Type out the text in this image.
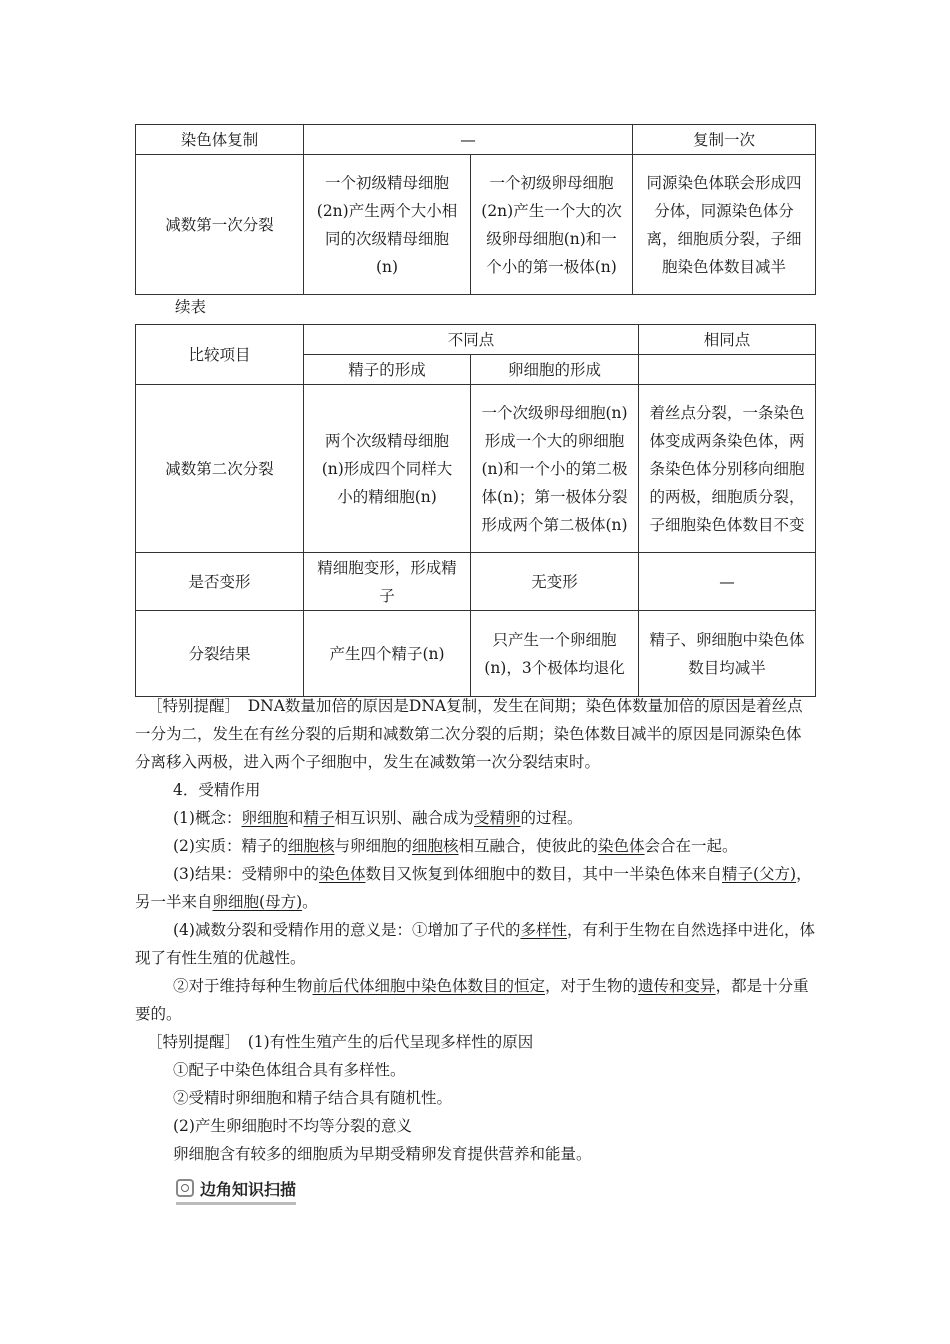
染色体复制	—		复制一次
减数第一次分裂	一个初级精母细胞(2n)产生两个大小相同的次级精母细胞(n)	一个初级卵母细胞(2n)产生一个大的次级卵母细胞(n)和一个小的第一极体(n)	同源染色体联会形成四分体，同源染色体分离，细胞质分裂，子细胞染色体数目减半
续表
比较项目	不同点		相同点
	精子的形成	卵细胞的形成	
减数第二次分裂	两个次级精母细胞(n)形成四个同样大小的精细胞(n)	一个次级卵母细胞(n)形成一个大的卵细胞(n)和一个小的第二极体(n)；第一极体分裂形成两个第二极体(n)	着丝点分裂，一条染色体变成两条染色体，两条染色体分别移向细胞的两极，细胞质分裂，子细胞染色体数目不变
是否变形	精细胞变形，形成精子	无变形	—
分裂结果	产生四个精子(n)	只产生一个卵细胞(n)，3个极体均退化	精子、卵细胞中染色体数目均减半

［特别提醒］　DNA数量加倍的原因是DNA复制，发生在间期；染色体数量加倍的原因是着丝点一分为二，发生在有丝分裂的后期和减数第二次分裂的后期；染色体数目减半的原因是同源染色体分离移入两极，进入两个子细胞中，发生在减数第一次分裂结束时。

4．受精作用

(1)概念：卵细胞和精子相互识别、融合成为受精卵的过程。

(2)实质：精子的细胞核与卵细胞的细胞核相互融合，使彼此的染色体会合在一起。

(3)结果：受精卵中的染色体数目又恢复到体细胞中的数目，其中一半染色体来自精子(父方)，另一半来自卵细胞(母方)。

(4)减数分裂和受精作用的意义是：①增加了子代的多样性，有利于生物在自然选择中进化，体现了有性生殖的优越性。

②对于维持每种生物前后代体细胞中染色体数目的恒定，对于生物的遗传和变异，都是十分重要的。

［特别提醒］　(1)有性生殖产生的后代呈现多样性的原因

①配子中染色体组合具有多样性。

②受精时卵细胞和精子结合具有随机性。

(2)产生卵细胞时不均等分裂的意义

卵细胞含有较多的细胞质为早期受精卵发育提供营养和能量。

边角知识扫描
